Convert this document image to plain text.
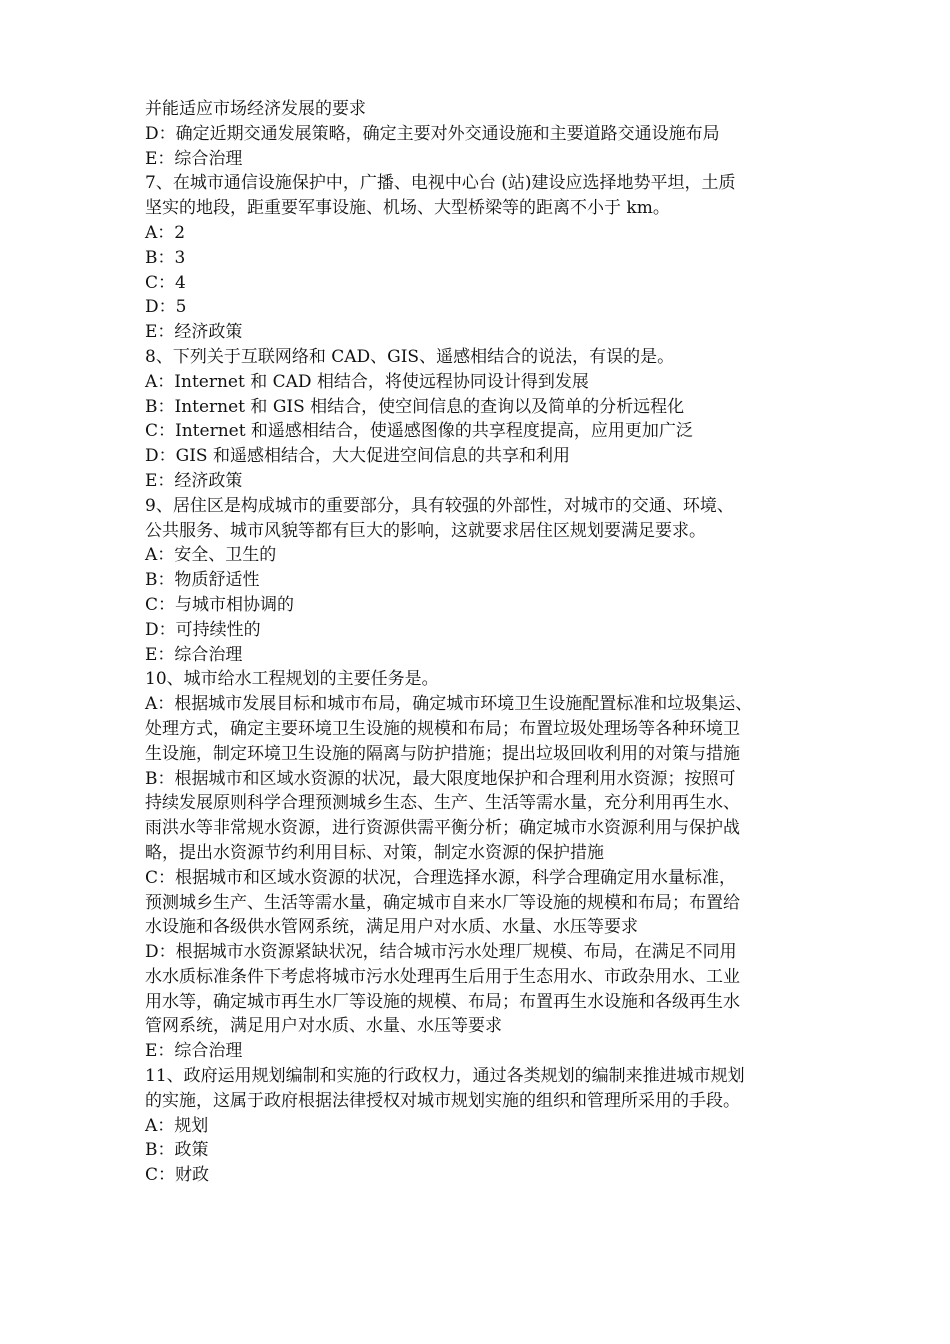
并能适应市场经济发展的要求
D：确定近期交通发展策略，确定主要对外交通设施和主要道路交通设施布局
E：综合治理
7、在城市通信设施保护中，广播、电视中心台 (站)建设应选择地势平坦，土质
坚实的地段，距重要军事设施、机场、大型桥梁等的距离不小于 km。
A：2
B：3
C：4
D：5
E：经济政策
8、下列关于互联网络和 CAD、GIS、遥感相结合的说法，有误的是。
A：Internet 和 CAD 相结合，将使远程协同设计得到发展
B：Internet 和 GIS 相结合，使空间信息的查询以及简单的分析远程化
C：Internet 和遥感相结合，使遥感图像的共享程度提高，应用更加广泛
D：GIS 和遥感相结合，大大促进空间信息的共享和利用
E：经济政策
9、居住区是构成城市的重要部分，具有较强的外部性，对城市的交通、环境、
公共服务、城市风貌等都有巨大的影响，这就要求居住区规划要满足要求。
A：安全、卫生的
B：物质舒适性
C：与城市相协调的
D：可持续性的
E：综合治理
10、城市给水工程规划的主要任务是。
A：根据城市发展目标和城市布局，确定城市环境卫生设施配置标准和垃圾集运、
处理方式，确定主要环境卫生设施的规模和布局；布置垃圾处理场等各种环境卫
生设施，制定环境卫生设施的隔离与防护措施；提出垃圾回收利用的对策与措施
B：根据城市和区域水资源的状况，最大限度地保护和合理利用水资源；按照可
持续发展原则科学合理预测城乡生态、生产、生活等需水量，充分利用再生水、
雨洪水等非常规水资源，进行资源供需平衡分析；确定城市水资源利用与保护战
略，提出水资源节约利用目标、对策，制定水资源的保护措施
C：根据城市和区域水资源的状况，合理选择水源，科学合理确定用水量标准，
预测城乡生产、生活等需水量，确定城市自来水厂等设施的规模和布局；布置给
水设施和各级供水管网系统，满足用户对水质、水量、水压等要求
D：根据城市水资源紧缺状况，结合城市污水处理厂规模、布局，在满足不同用
水水质标准条件下考虑将城市污水处理再生后用于生态用水、市政杂用水、工业
用水等，确定城市再生水厂等设施的规模、布局；布置再生水设施和各级再生水
管网系统，满足用户对水质、水量、水压等要求
E：综合治理
11、政府运用规划编制和实施的行政权力，通过各类规划的编制来推进城市规划
的实施，这属于政府根据法律授权对城市规划实施的组织和管理所采用的手段。
A：规划
B：政策
C：财政
